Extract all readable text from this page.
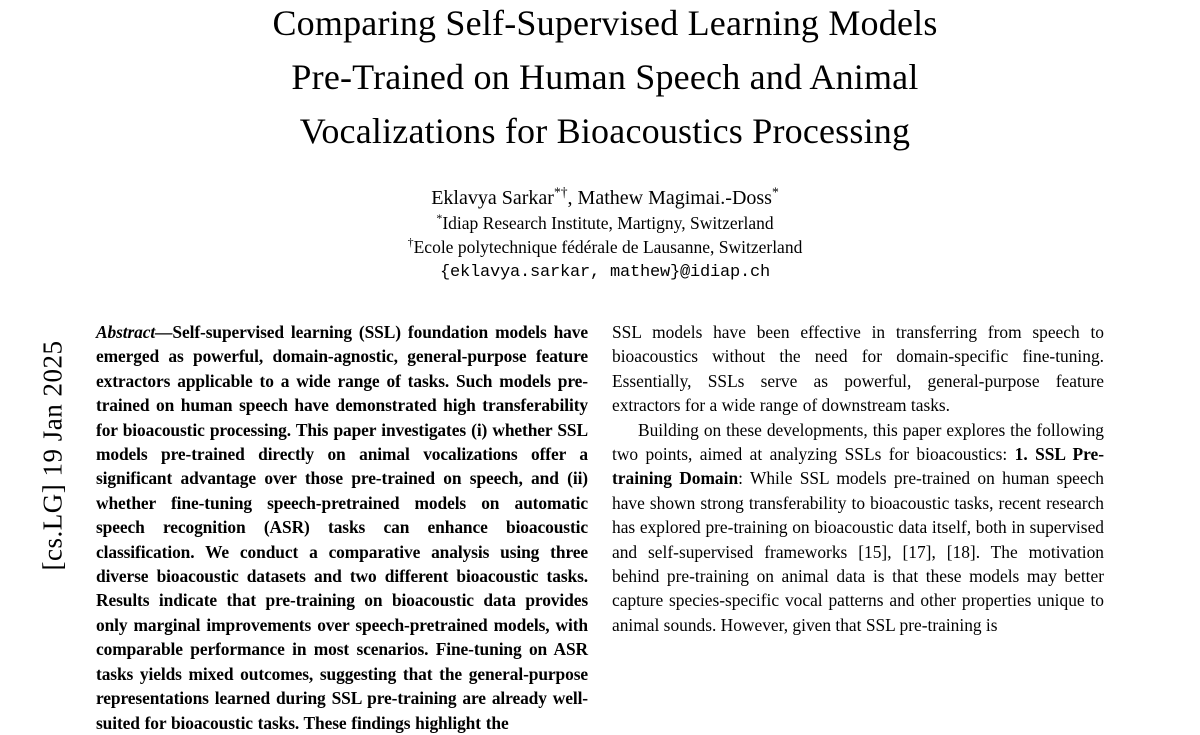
[cs.LG] 19 Jan 2025
Comparing Self-Supervised Learning Models
Pre-Trained on Human Speech and Animal
Vocalizations for Bioacoustics Processing
Eklavya Sarkar*†, Mathew Magimai.-Doss*
*Idiap Research Institute, Martigny, Switzerland
†Ecole polytechnique fédérale de Lausanne, Switzerland
{eklavya.sarkar, mathew}@idiap.ch

Abstract—Self-supervised learning (SSL) foundation models have emerged as powerful, domain-agnostic, general-purpose feature extractors applicable to a wide range of tasks. Such models pre-trained on human speech have demonstrated high transferability for bioacoustic processing. This paper investigates (i) whether SSL models pre-trained directly on animal vocalizations offer a significant advantage over those pre-trained on speech, and (ii) whether fine-tuning speech-pretrained models on automatic speech recognition (ASR) tasks can enhance bioacoustic classification. We conduct a comparative analysis using three diverse bioacoustic datasets and two different bioacoustic tasks. Results indicate that pre-training on bioacoustic data provides only marginal improvements over speech-pretrained models, with comparable performance in most scenarios. Fine-tuning on ASR tasks yields mixed outcomes, suggesting that the general-purpose representations learned during SSL pre-training are already well-suited for bioacoustic tasks. These findings highlight the

SSL models have been effective in transferring from speech to bioacoustics without the need for domain-specific fine-tuning. Essentially, SSLs serve as powerful, general-purpose feature extractors for a wide range of downstream tasks.

Building on these developments, this paper explores the following two points, aimed at analyzing SSLs for bioacoustics: 1. SSL Pre-training Domain: While SSL models pre-trained on human speech have shown strong transferability to bioacoustic tasks, recent research has explored pre-training on bioacoustic data itself, both in supervised and self-supervised frameworks [15], [17], [18]. The motivation behind pre-training on animal data is that these models may better capture species-specific vocal patterns and other properties unique to animal sounds. However, given that SSL pre-training is
